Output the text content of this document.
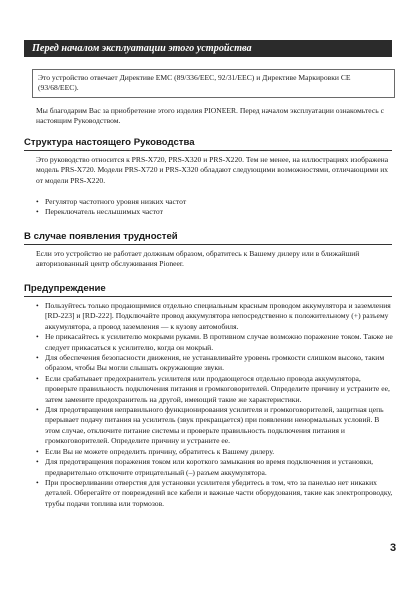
Перед началом эксплуатации этого устройства
Это устройство отвечает Директиве EMC (89/336/EEC, 92/31/EEC) и Директиве Маркировки CE (93/68/EEC).
Мы благодарим Вас за приобретение этого изделия PIONEER. Перед началом эксплуатации ознакомьтесь с настоящим Руководством.
Структура настоящего Руководства
Это руководство относится к PRS-X720, PRS-X320 и PRS-X220. Тем не менее, на иллюстрациях изображена модель PRS-X720. Модели PRS-X720 и PRS-X320 обладают следующими возможностями, отличающими их от модели PRS-X220.
• Регулятор частотного уровня низких частот
• Переключатель неслышимых частот
В случае появления трудностей
Если это устройство не работает должным образом, обратитесь к Вашему дилеру или в ближайший авторизованный центр обслуживания Pioneer.
Предупреждение
• Пользуйтесь только продающимися отдельно специальным красным проводом аккумулятора и заземления [RD-223] и [RD-222]. Подключайте провод аккумулятора непосредственно к положительному (+) разъему аккумулятора, а провод заземления — к кузову автомобиля.
• Не прикасайтесь к усилителю мокрыми руками. В противном случае возможно поражение током. Также не следует прикасаться к усилителю, когда он мокрый.
• Для обеспечения безопасности движения, не устанавливайте уровень громкости слишком высоко, таким образом, чтобы Вы могли слышать окружающие звуки.
• Если срабатывает предохранитель усилителя или продающегося отдельно провода аккумулятора, проверьте правильность подключения питания и громкоговорителей. Определите причину и устраните ее, затем замените предохранитель на другой, имеющий такие же характеристики.
• Для предотвращения неправильного функционирования усилителя и громкоговорителей, защитная цепь прерывает подачу питания на усилитель (звук прекращается) при появлении ненормальных условий. В этом случае, отключите питание системы и проверьте правильность подключения питания и громкоговорителей. Определите причину и устраните ее.
• Если Вы не можете определить причину, обратитесь к Вашему дилеру.
• Для предотвращения поражения током или короткого замыкания во время подключения и установки, предварительно отключите отрицательный (–) разъем аккумулятора.
• При просверливании отверстия для установки усилителя убедитесь в том, что за панелью нет никаких деталей. Оберегайте от повреждений все кабели и важные части оборудования, такие как электропроводку, трубы подачи топлива или тормозов.
3
